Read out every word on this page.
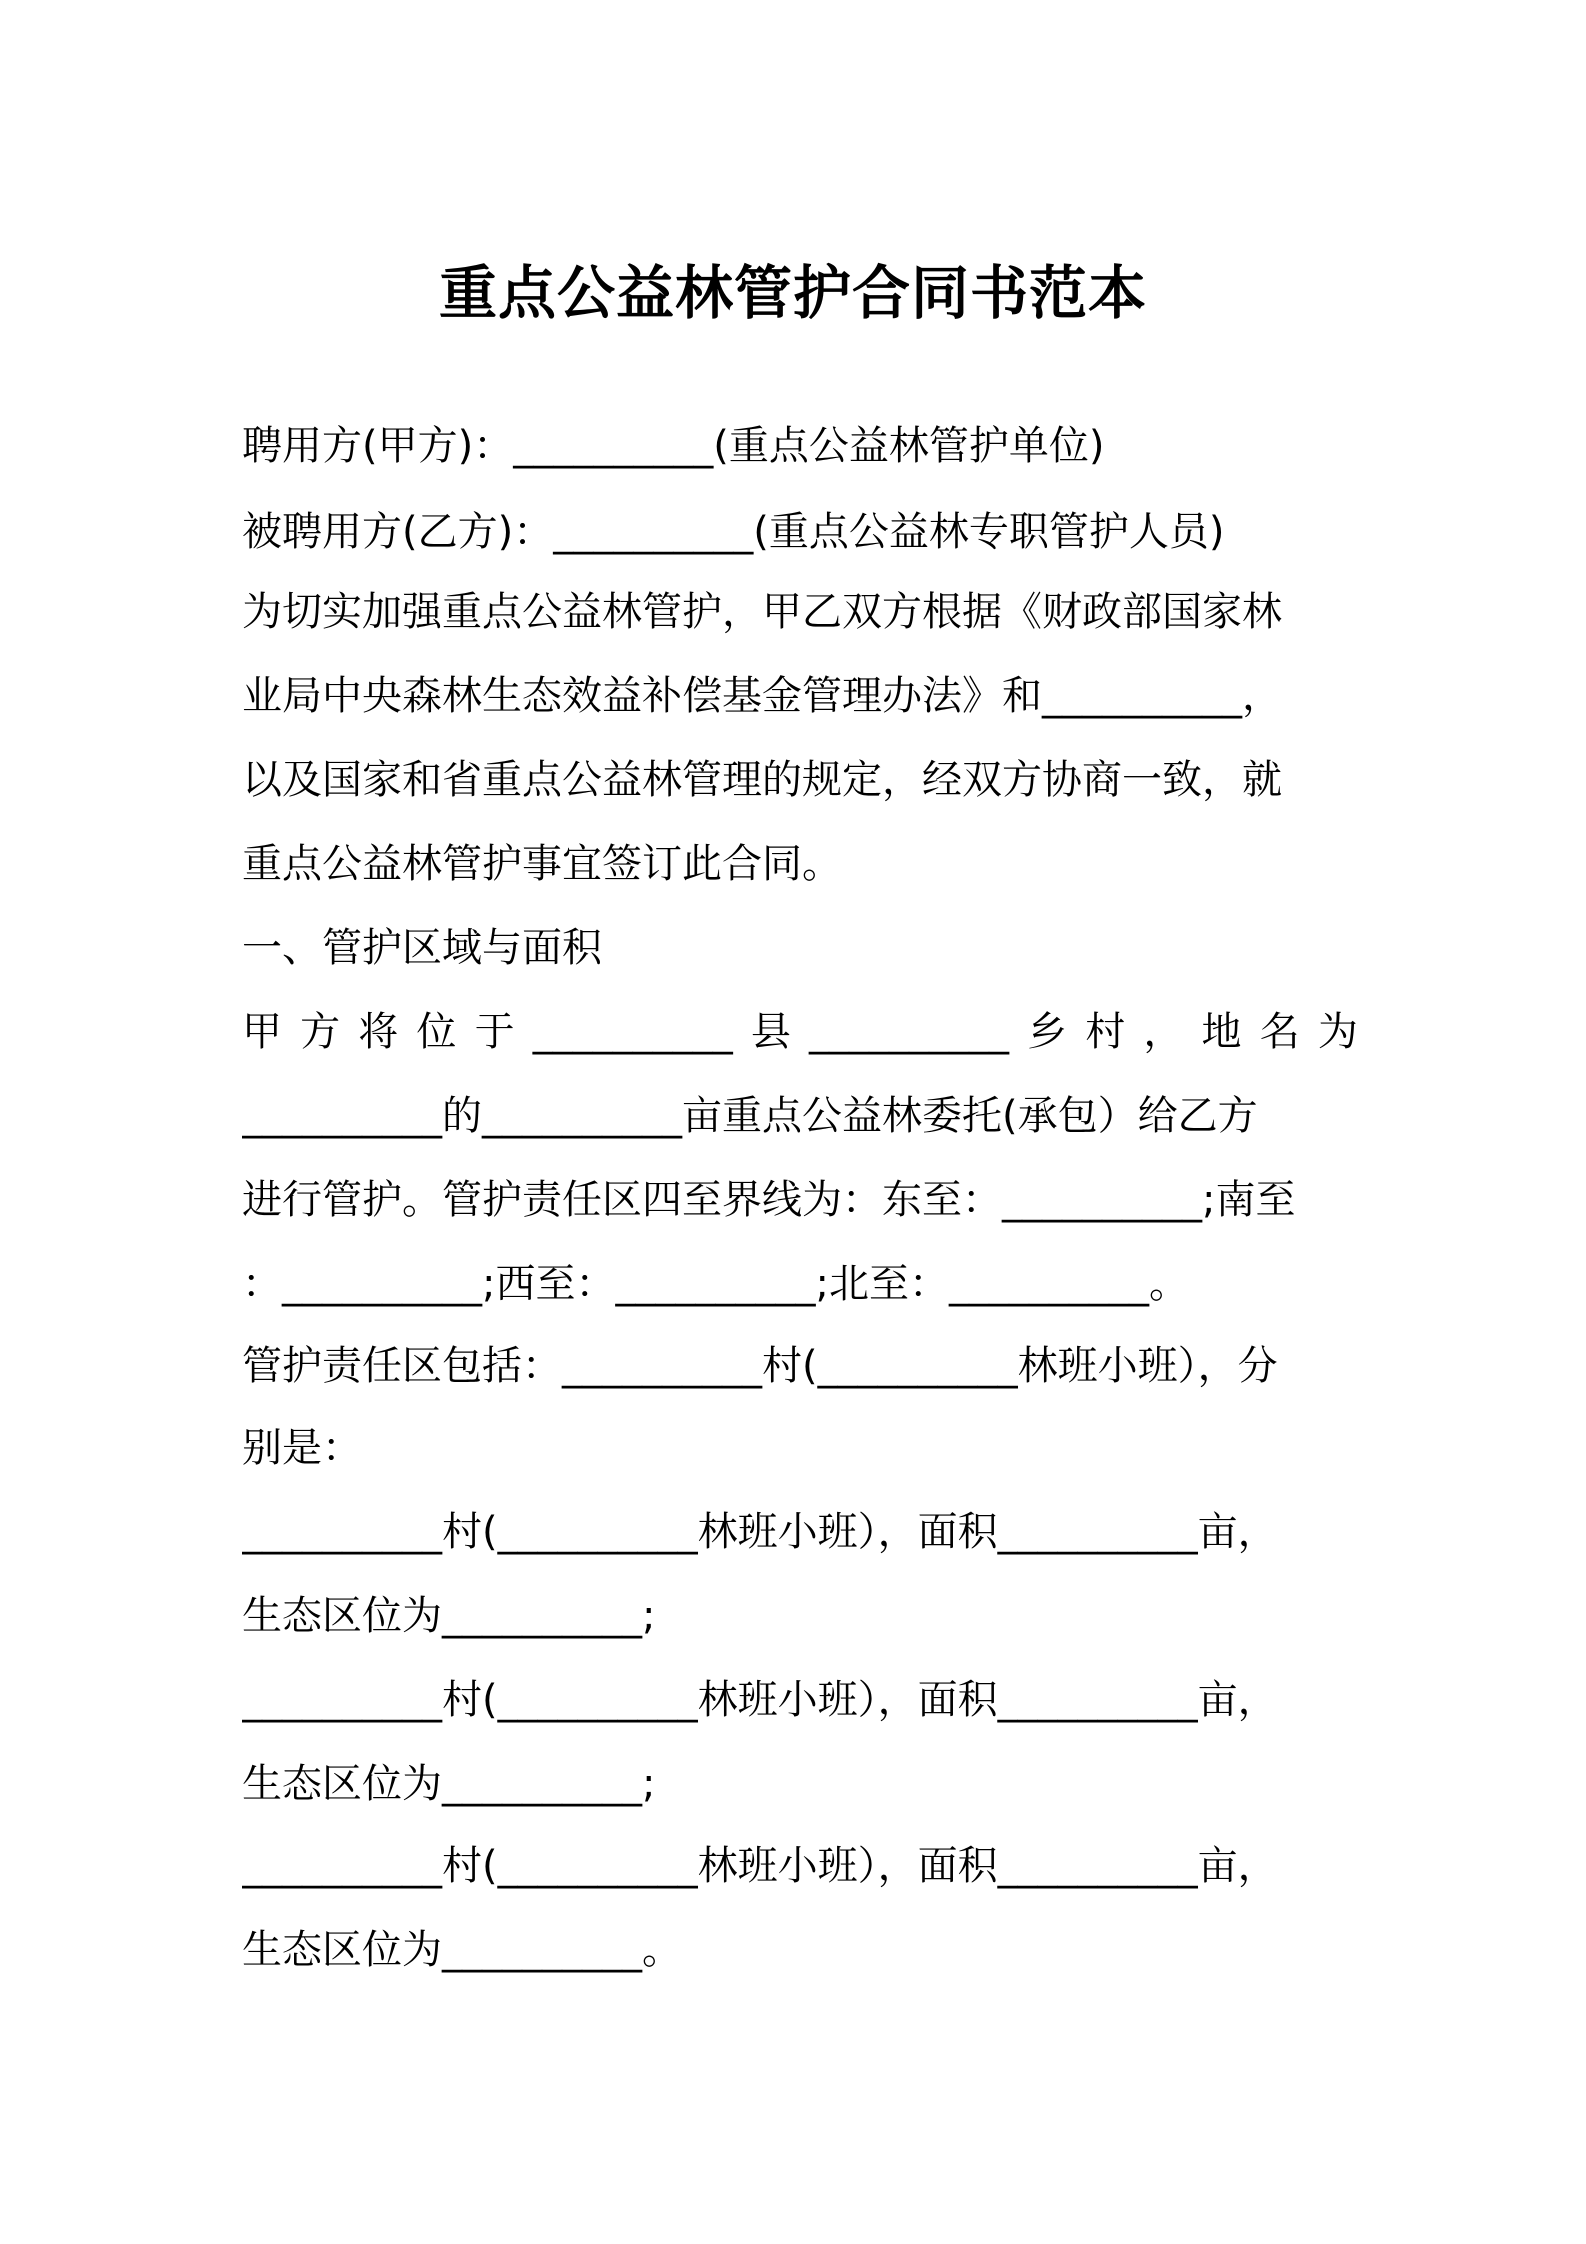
重点公益林管护合同书范本
聘用方(甲方)：__________(重点公益林管护单位)
被聘用方(乙方)：__________(重点公益林专职管护人员)
为切实加强重点公益林管护，甲乙双方根据《财政部国家林
业局中央森林生态效益补偿基金管理办法》和__________，
以及国家和省重点公益林管理的规定，经双方协商一致，就
重点公益林管护事宜签订此合同。
一、管护区域与面积
甲 方 将 位 于 __________ 县 __________ 乡 村 ， 地 名 为
__________的__________亩重点公益林委托(承包）给乙方
进行管护。管护责任区四至界线为：东至：__________;南至
：__________;西至：__________;北至：__________。
管护责任区包括：__________村(__________林班小班），分
别是：
__________村(__________林班小班），面积__________亩，
生态区位为__________;
__________村(__________林班小班），面积__________亩，
生态区位为__________;
__________村(__________林班小班），面积__________亩，
生态区位为__________。
